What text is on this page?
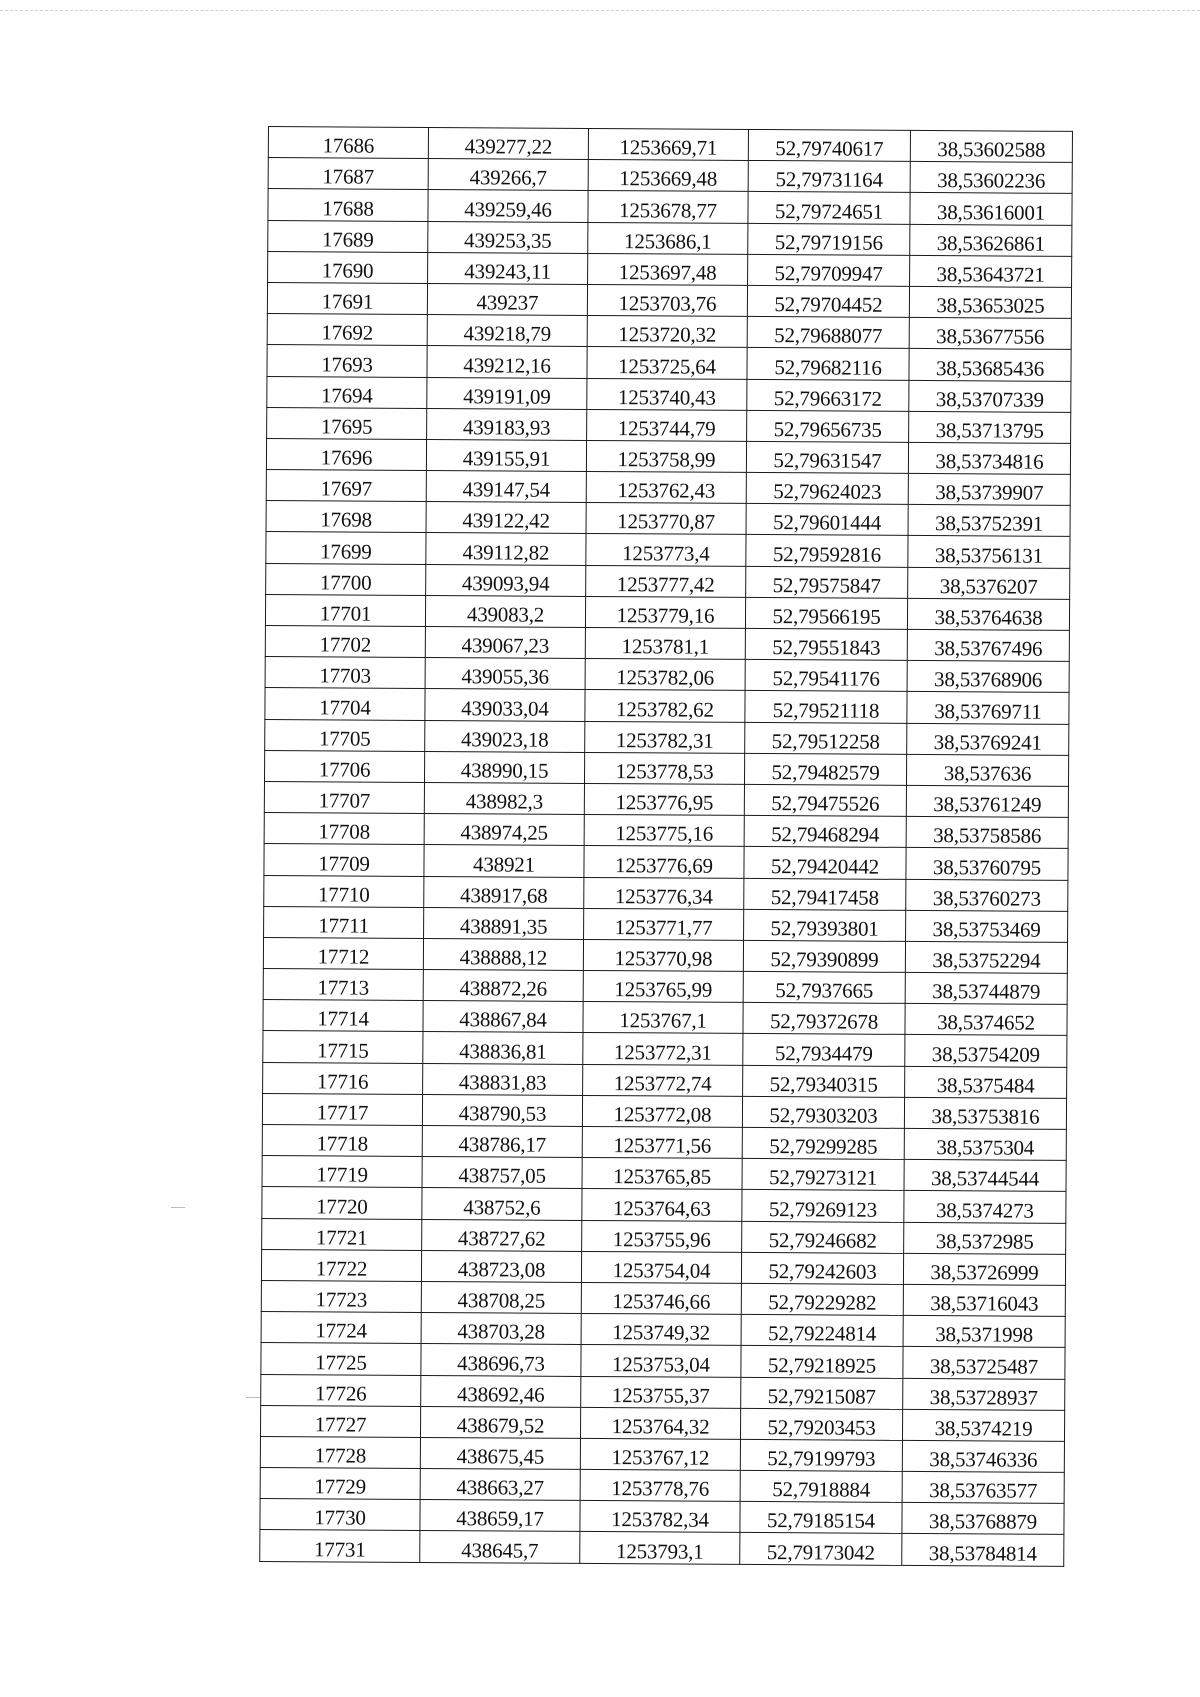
17686	439277,22	1253669,71	52,79740617	38,53602588
17687	439266,7	1253669,48	52,79731164	38,53602236
17688	439259,46	1253678,77	52,79724651	38,53616001
17689	439253,35	1253686,1	52,79719156	38,53626861
17690	439243,11	1253697,48	52,79709947	38,53643721
17691	439237	1253703,76	52,79704452	38,53653025
17692	439218,79	1253720,32	52,79688077	38,53677556
17693	439212,16	1253725,64	52,79682116	38,53685436
17694	439191,09	1253740,43	52,79663172	38,53707339
17695	439183,93	1253744,79	52,79656735	38,53713795
17696	439155,91	1253758,99	52,79631547	38,53734816
17697	439147,54	1253762,43	52,79624023	38,53739907
17698	439122,42	1253770,87	52,79601444	38,53752391
17699	439112,82	1253773,4	52,79592816	38,53756131
17700	439093,94	1253777,42	52,79575847	38,5376207
17701	439083,2	1253779,16	52,79566195	38,53764638
17702	439067,23	1253781,1	52,79551843	38,53767496
17703	439055,36	1253782,06	52,79541176	38,53768906
17704	439033,04	1253782,62	52,79521118	38,53769711
17705	439023,18	1253782,31	52,79512258	38,53769241
17706	438990,15	1253778,53	52,79482579	38,537636
17707	438982,3	1253776,95	52,79475526	38,53761249
17708	438974,25	1253775,16	52,79468294	38,53758586
17709	438921	1253776,69	52,79420442	38,53760795
17710	438917,68	1253776,34	52,79417458	38,53760273
17711	438891,35	1253771,77	52,79393801	38,53753469
17712	438888,12	1253770,98	52,79390899	38,53752294
17713	438872,26	1253765,99	52,7937665	38,53744879
17714	438867,84	1253767,1	52,79372678	38,5374652
17715	438836,81	1253772,31	52,7934479	38,53754209
17716	438831,83	1253772,74	52,79340315	38,5375484
17717	438790,53	1253772,08	52,79303203	38,53753816
17718	438786,17	1253771,56	52,79299285	38,5375304
17719	438757,05	1253765,85	52,79273121	38,53744544
17720	438752,6	1253764,63	52,79269123	38,5374273
17721	438727,62	1253755,96	52,79246682	38,5372985
17722	438723,08	1253754,04	52,79242603	38,53726999
17723	438708,25	1253746,66	52,79229282	38,53716043
17724	438703,28	1253749,32	52,79224814	38,5371998
17725	438696,73	1253753,04	52,79218925	38,53725487
17726	438692,46	1253755,37	52,79215087	38,53728937
17727	438679,52	1253764,32	52,79203453	38,5374219
17728	438675,45	1253767,12	52,79199793	38,53746336
17729	438663,27	1253778,76	52,7918884	38,53763577
17730	438659,17	1253782,34	52,79185154	38,53768879
17731	438645,7	1253793,1	52,79173042	38,53784814
